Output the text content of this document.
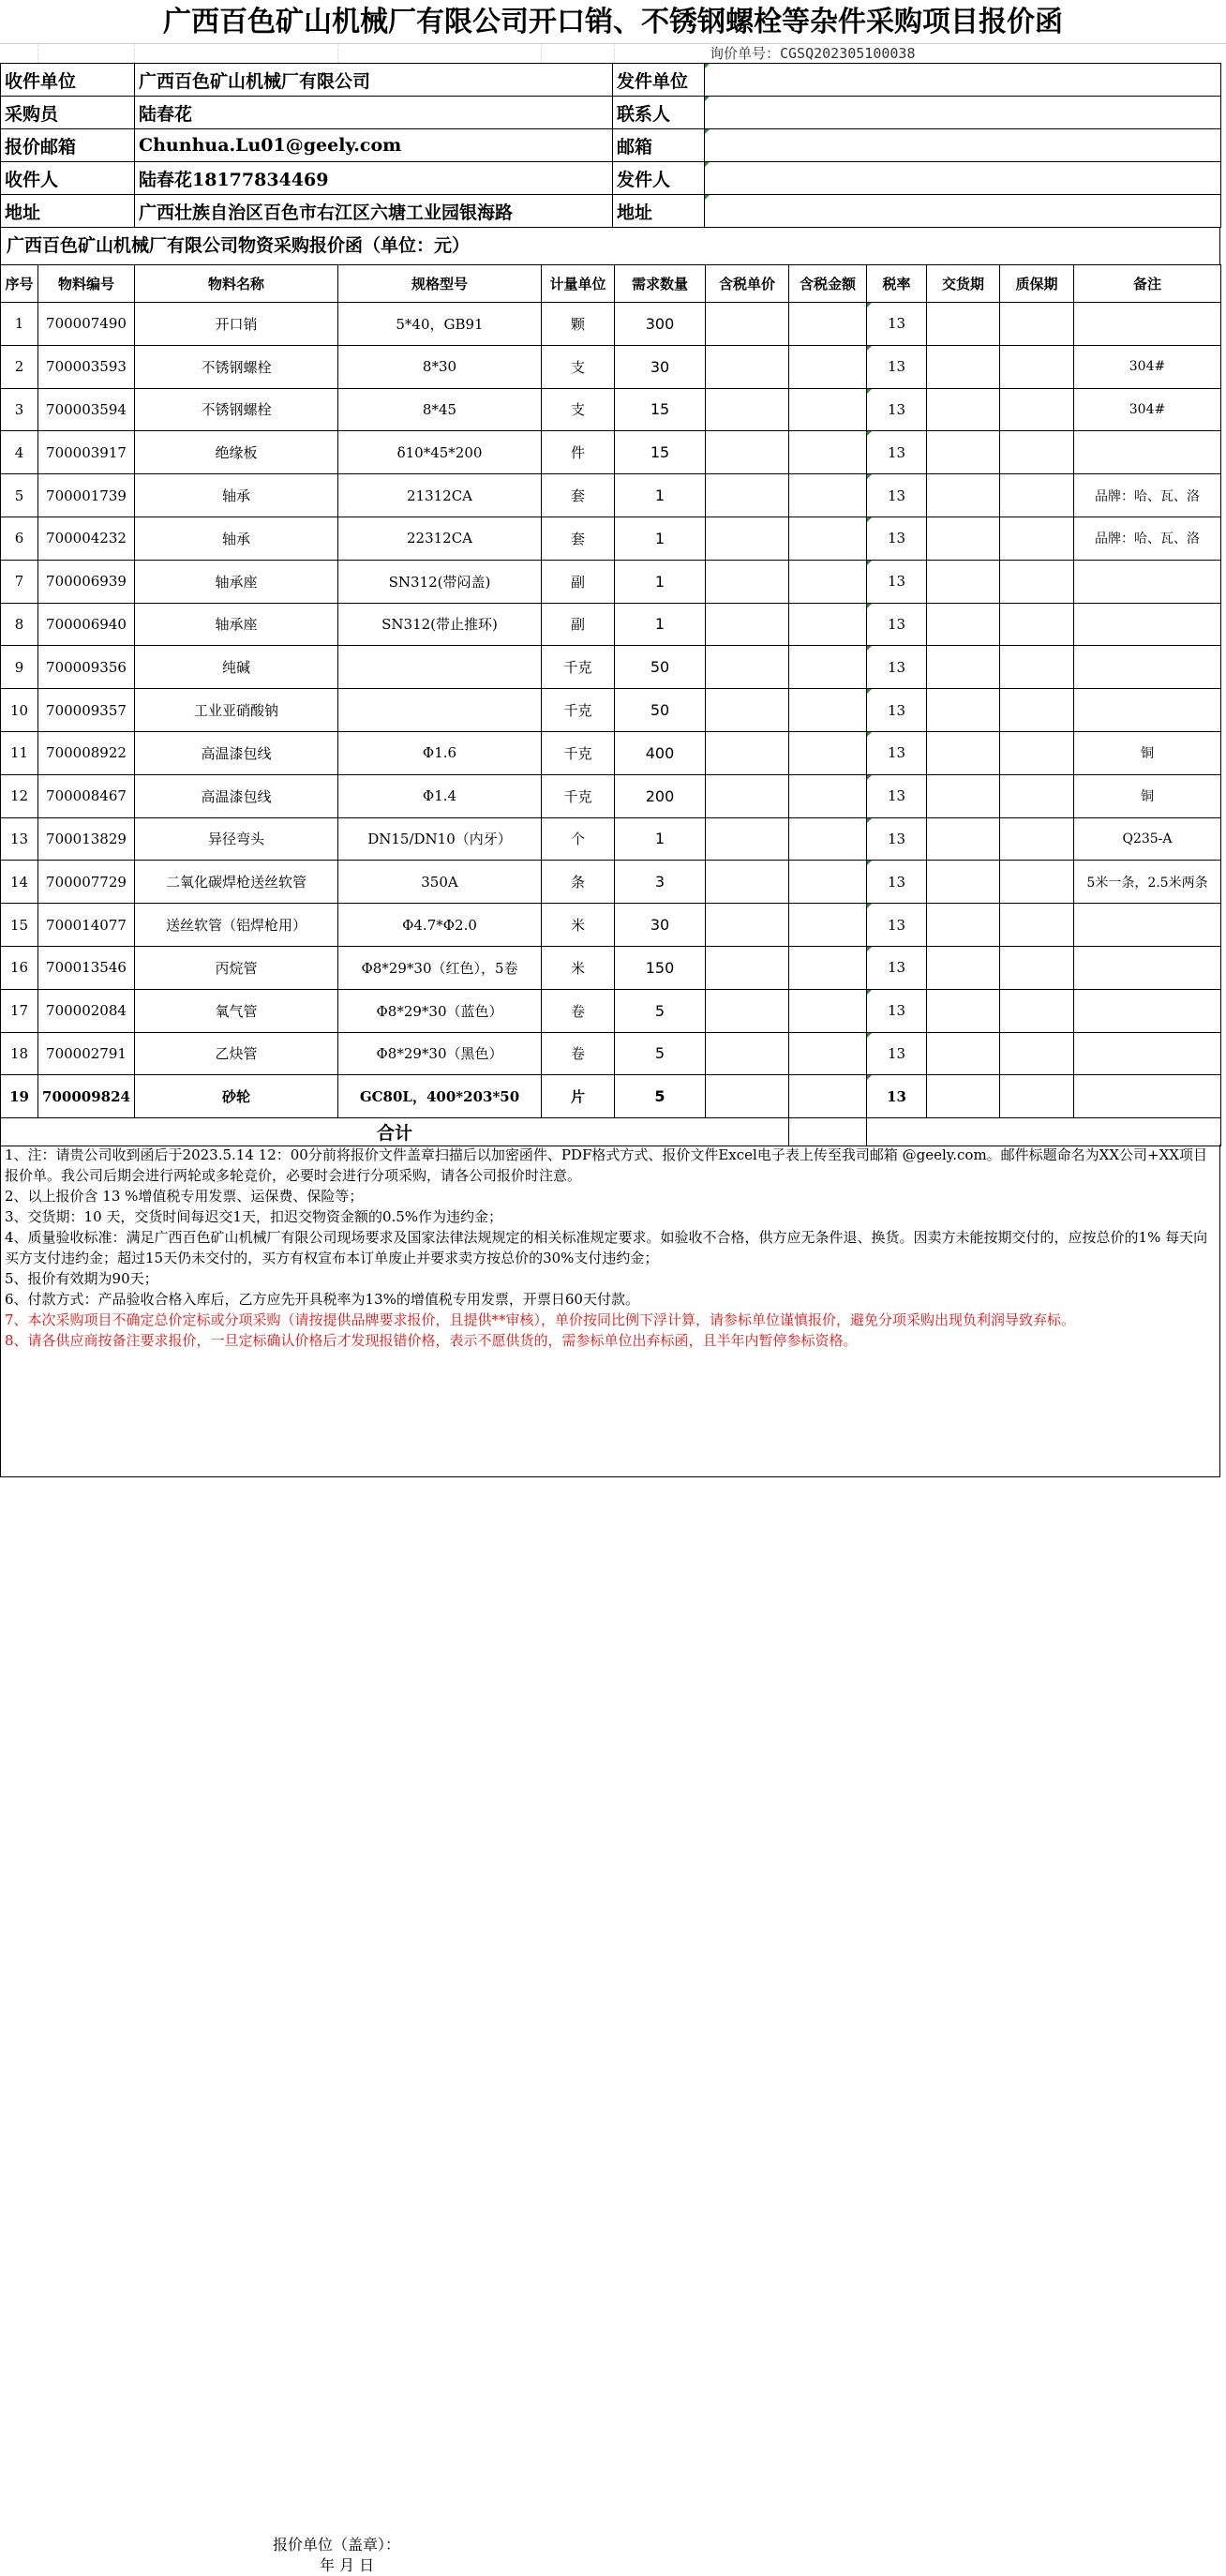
广西百色矿山机械厂有限公司开口销、不锈钢螺栓等杂件采购项目报价函
询价单号：CGSQ202305100038
收件单位	广西百色矿山机械厂有限公司	发件单位	
采购员	陆春花	联系人	
报价邮箱	Chunhua.Lu01@geely.com	邮箱	
收件人	陆春花18177834469	发件人	
地址	广西壮族自治区百色市右江区六塘工业园银海路	地址	
广西百色矿山机械厂有限公司物资采购报价函（单位：元）
序号	物料编号	物料名称	规格型号	计量单位	需求数量	含税单价	含税金额	税率	交货期	质保期	备注
1	700007490	开口销	5*40，GB91	颗	300			13			
2	700003593	不锈钢螺栓	8*30	支	30			13			304#
3	700003594	不锈钢螺栓	8*45	支	15			13			304#
4	700003917	绝缘板	δ10*45*200	件	15			13			
5	700001739	轴承	21312CA	套	1			13			品牌：哈、瓦、洛
6	700004232	轴承	22312CA	套	1			13			品牌：哈、瓦、洛
7	700006939	轴承座	SN312(带闷盖)	副	1			13			
8	700006940	轴承座	SN312(带止推环)	副	1			13			
9	700009356	纯碱		千克	50			13			
10	700009357	工业亚硝酸钠		千克	50			13			
11	700008922	高温漆包线	Φ1.6	千克	400			13			铜
12	700008467	高温漆包线	Φ1.4	千克	200			13			铜
13	700013829	异径弯头	DN15/DN10（内牙）	个	1			13			Q235-A
14	700007729	二氧化碳焊枪送丝软管	350A	条	3			13			5米一条，2.5米两条
15	700014077	送丝软管（铝焊枪用）	Φ4.7*Φ2.0	米	30			13			
16	700013546	丙烷管	Φ8*29*30（红色），5卷	米	150			13			
17	700002084	氧气管	Φ8*29*30（蓝色）	卷	5			13			
18	700002791	乙炔管	Φ8*29*30（黑色）	卷	5			13			
19	700009824	砂轮	GC80L，400*203*50	片	5			13			
合计											

1、注：请贵公司收到函后于2023.5.14 12：00分前将报价文件盖章扫描后以加密函件、PDF格式方式、报价文件Excel电子表上传至我司邮箱 @geely.com。邮件标题命名为XX公司+XX项目报价单。我公司后期会进行两轮或多轮竞价，必要时会进行分项采购，请各公司报价时注意。

2、以上报价含 13 %增值税专用发票、运保费、保险等；

3、交货期：10 天，交货时间每迟交1天，扣迟交物资金额的0.5%作为违约金；

4、质量验收标准：满足广西百色矿山机械厂有限公司现场要求及国家法律法规规定的相关标准规定要求。如验收不合格，供方应无条件退、换货。因卖方未能按期交付的，应按总价的1% 每天向买方支付违约金；超过15天仍未交付的，买方有权宣布本订单废止并要求卖方按总价的30%支付违约金；

5、报价有效期为90天；

6、付款方式：产品验收合格入库后，乙方应先开具税率为13%的增值税专用发票，开票日60天付款。

7、本次采购项目不确定总价定标或分项采购（请按提供品牌要求报价，且提供**审核），单价按同比例下浮计算，请参标单位谨慎报价，避免分项采购出现负利润导致弃标。

8、请各供应商按备注要求报价，一旦定标确认价格后才发现报错价格，表示不愿供货的，需参标单位出弃标函，且半年内暂停参标资格。

报价单位（盖章）：
年 月 日
